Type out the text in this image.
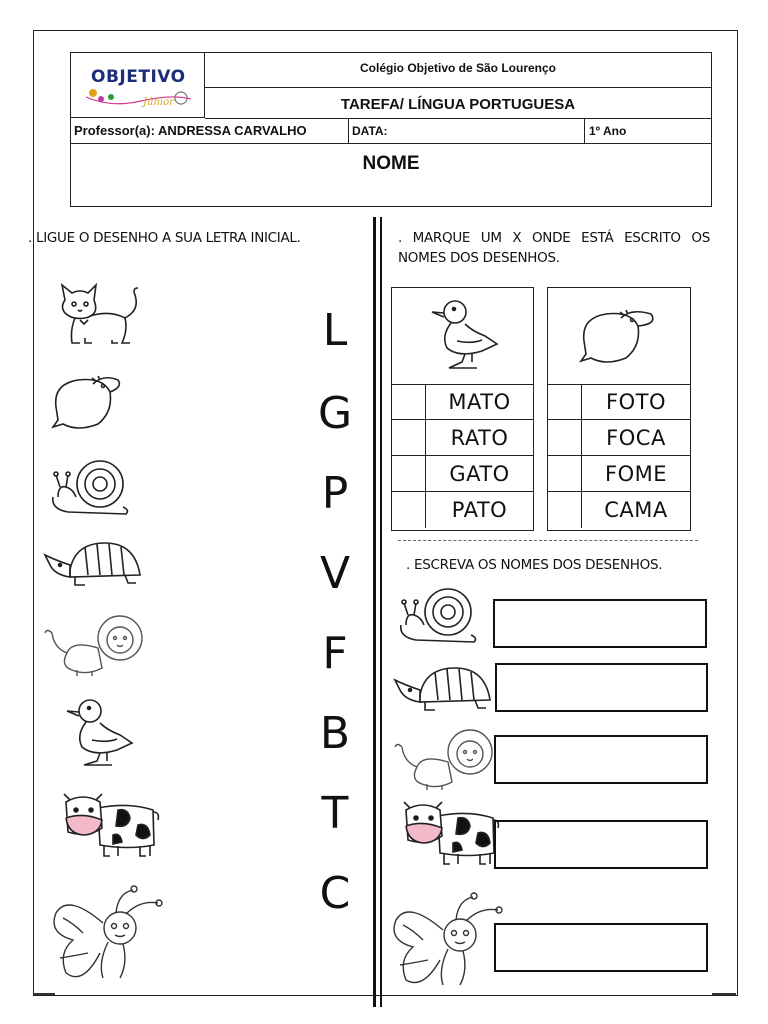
Júnior
OBJETIVO	Colégio Objetivo de São Lourenço
TAREFA/ LÍNGUA PORTUGUESA
Professor(a): ANDRESSA CARVALHO	DATA:	1º Ano
NOME
. LIGUE O DESENHO A SUA LETRA INICIAL.
L
G
P
V
F
B
T
C
. MARQUE UM X ONDE ESTÁ ESCRITO OS NOMES DOS DESENHOS.
MATO
RATO
GATO
PATO
FOTO
FOCA
FOME
CAMA
. ESCREVA OS NOMES DOS DESENHOS.
